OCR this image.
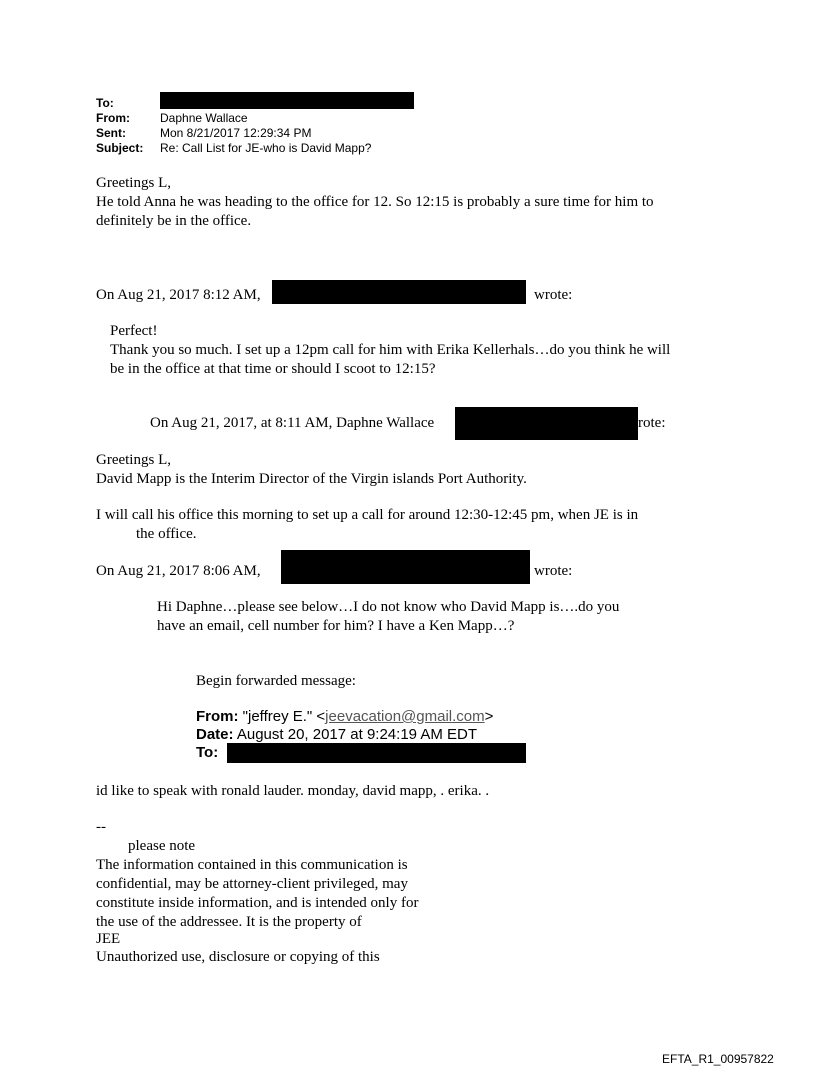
To:
From:	Daphne Wallace
Sent:	Mon 8/21/2017 12:29:34 PM
Subject: Re: Call List for JE-who is David Mapp?
Greetings L,
He told Anna he was heading to the office for 12. So 12:15 is probably a sure time for him to
definitely be in the office.
On Aug 21, 2017 8:12 AM,	wrote:
Perfect!
Thank you so much. I set up a 12pm call for him with Erika Kellerhals…do you think he will
be in the office at that time or should I scoot to 12:15?
On Aug 21, 2017, at 8:11 AM, Daphne Wallace	rote:
Greetings L,
David Mapp is the Interim Director of the Virgin islands Port Authority.
I will call his office this morning to set up a call for around 12:30-12:45 pm, when JE is in
the office.
On Aug 21, 2017 8:06 AM,	wrote:
Hi Daphne…please see below…I do not know who David Mapp is….do you
have an email, cell number for him? I have a Ken Mapp…?
Begin forwarded message:
From: "jeffrey E." <jeevacation@gmail.com>
Date: August 20, 2017 at 9:24:19 AM EDT
To:
id like to speak with ronald lauder. monday, david mapp, . erika. .
--
please note
The information contained in this communication is
confidential, may be attorney-client privileged, may
constitute inside information, and is intended only for
the use of the addressee. It is the property of
JEE
Unauthorized use, disclosure or copying of this
EFTA_R1_00957822
